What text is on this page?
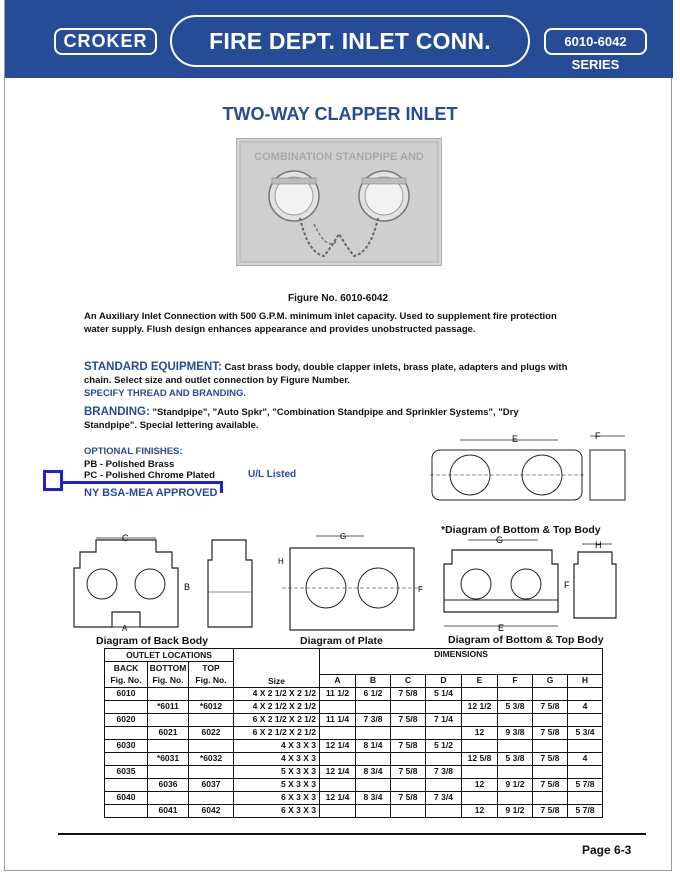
CROKER	FIRE DEPT. INLET CONN. FLUSH TYPE
6010-6042 SERIES
TWO-WAY CLAPPER INLET
COMBINATION STANDPIPE AND
Figure No. 6010-6042
An Auxiliary Inlet Connection with 500 G.P.M. minimum inlet capacity. Used to supplement fire protection water supply. Flush design enhances appearance and provides unobstructed passage.
STANDARD EQUIPMENT: Cast brass body, double clapper inlets, brass plate, adapters and plugs with chain. Select size and outlet connection by Figure Number.
SPECIFY THREAD AND BRANDING.
BRANDING: "Standpipe", "Auto Spkr", "Combination Standpipe and Sprinkler Systems", "Dry Standpipe". Special lettering available.
OPTIONAL FINISHES:
PB - Polished Brass
PC - Polished Chrome Plated	U/L Listed
NY BSA-MEA APPROVED
E	F
*Diagram of Bottom & Top Body
C
B
A
Diagram of Back Body
G
H
F
Diagram of Plate
G
F
E
H
Diagram of Bottom & Top Body
OUTLET LOCATIONS			Size	DIMENSIONS							
BACK	BOTTOM	TOP									
Fig. No.	Fig. No.	Fig. No.		A	B	C	D	E	F	G	H
6010			4 X 2 1/2 X 2 1/2	11 1/2	6 1/2	7 5/8	5 1/4				
	*6011	*6012	4 X 2 1/2 X 2 1/2					12 1/2	5 3/8	7 5/8	4
6020			6 X 2 1/2 X 2 1/2	11 1/4	7 3/8	7 5/8	7 1/4				
	6021	6022	6 X 2 1/2 X 2 1/2					12	9 3/8	7 5/8	5 3/4
6030			4 X 3 X 3	12 1/4	8 1/4	7 5/8	5 1/2				
	*6031	*6032	4 X 3 X 3					12 5/8	5 3/8	7 5/8	4
6035			5 X 3 X 3	12 1/4	8 3/4	7 5/8	7 3/8				
	6036	6037	5 X 3 X 3					12	9 1/2	7 5/8	5 7/8
6040			6 X 3 X 3	12 1/4	8 3/4	7 5/8	7 3/4				
	6041	6042	6 X 3 X 3					12	9 1/2	7 5/8	5 7/8
Page 6-3
